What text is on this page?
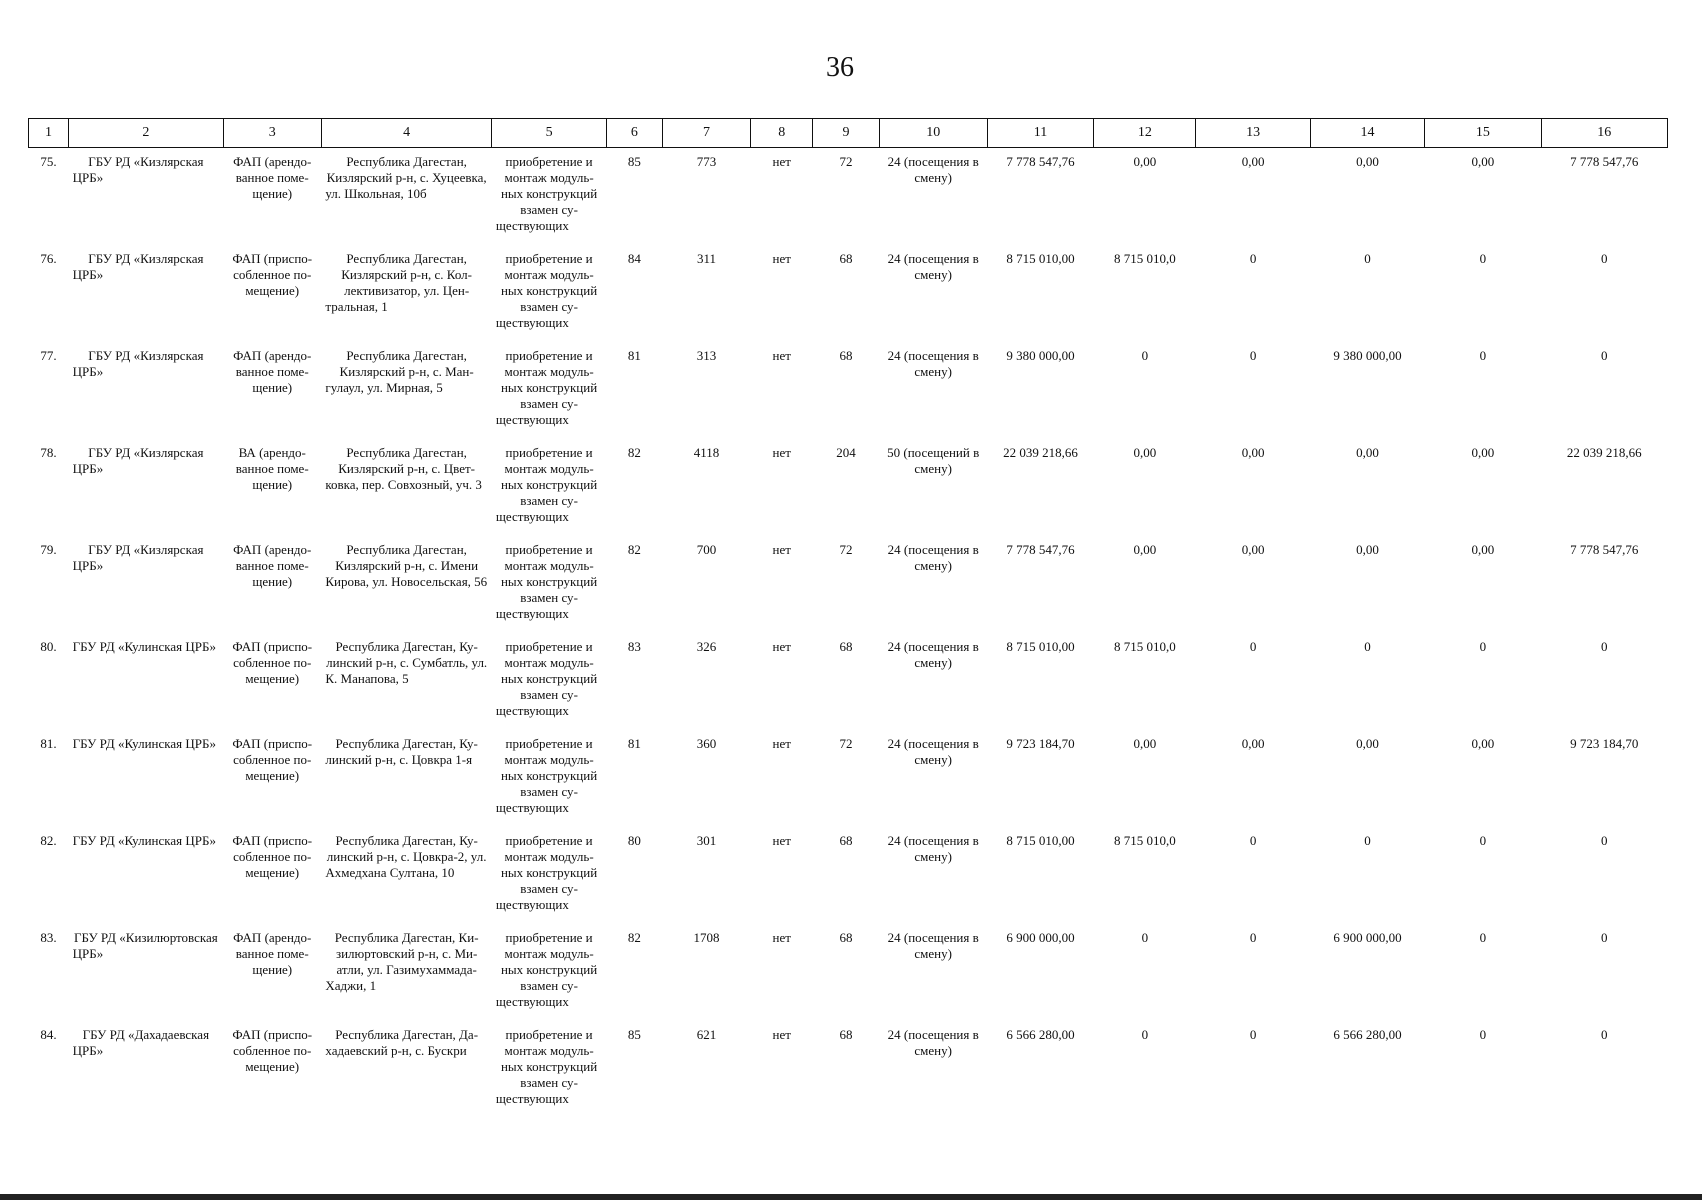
36
1	2	3	4	5	6	7	8	9	10	11	12	13	14	15	16
75.	ГБУ РД «Кизлярская ЦРБ»	ФАП (арендованное помещение)	Республика Дагестан, Кизлярский р-н, с. Хуцеевка, ул. Школьная, 10б	приобретение и монтаж модульных конструкций взамен существующих	85	773	нет	72	24 (посещения в смену)	7 778 547,76	0,00	0,00	0,00	0,00	7 778 547,76
76.	ГБУ РД «Кизлярская ЦРБ»	ФАП (приспособленное помещение)	Республика Дагестан, Кизлярский р-н, с. Коллективизатор, ул. Центральная, 1	приобретение и монтаж модульных конструкций взамен существующих	84	311	нет	68	24 (посещения в смену)	8 715 010,00	8 715 010,0	0	0	0	0
77.	ГБУ РД «Кизлярская ЦРБ»	ФАП (арендованное помещение)	Республика Дагестан, Кизлярский р-н, с. Мангулаул, ул. Мирная, 5	приобретение и монтаж модульных конструкций взамен существующих	81	313	нет	68	24 (посещения в смену)	9 380 000,00	0	0	9 380 000,00	0	0
78.	ГБУ РД «Кизлярская ЦРБ»	ВА (арендованное помещение)	Республика Дагестан, Кизлярский р-н, с. Цветковка, пер. Совхозный, уч. 3	приобретение и монтаж модульных конструкций взамен существующих	82	4118	нет	204	50 (посещений в смену)	22 039 218,66	0,00	0,00	0,00	0,00	22 039 218,66
79.	ГБУ РД «Кизлярская ЦРБ»	ФАП (арендованное помещение)	Республика Дагестан, Кизлярский р-н, с. Имени Кирова, ул. Новосельская, 56	приобретение и монтаж модульных конструкций взамен существующих	82	700	нет	72	24 (посещения в смену)	7 778 547,76	0,00	0,00	0,00	0,00	7 778 547,76
80.	ГБУ РД «Кулинская ЦРБ»	ФАП (приспособленное помещение)	Республика Дагестан, Кулинский р-н, с. Сумбатль, ул. К. Манапова, 5	приобретение и монтаж модульных конструкций взамен существующих	83	326	нет	68	24 (посещения в смену)	8 715 010,00	8 715 010,0	0	0	0	0
81.	ГБУ РД «Кулинская ЦРБ»	ФАП (приспособленное помещение)	Республика Дагестан, Кулинский р-н, с. Цовкра 1-я	приобретение и монтаж модульных конструкций взамен существующих	81	360	нет	72	24 (посещения в смену)	9 723 184,70	0,00	0,00	0,00	0,00	9 723 184,70
82.	ГБУ РД «Кулинская ЦРБ»	ФАП (приспособленное помещение)	Республика Дагестан, Кулинский р-н, с. Цовкра-2, ул. Ахмедхана Султана, 10	приобретение и монтаж модульных конструкций взамен существующих	80	301	нет	68	24 (посещения в смену)	8 715 010,00	8 715 010,0	0	0	0	0
83.	ГБУ РД «Кизилюртовская ЦРБ»	ФАП (арендованное помещение)	Республика Дагестан, Кизилюртовский р-н, с. Миатли, ул. Газимухаммада-Хаджи, 1	приобретение и монтаж модульных конструкций взамен существующих	82	1708	нет	68	24 (посещения в смену)	6 900 000,00	0	0	6 900 000,00	0	0
84.	ГБУ РД «Дахадаевская ЦРБ»	ФАП (приспособленное помещение)	Республика Дагестан, Дахадаевский р-н, с. Бускри	приобретение и монтаж модульных конструкций взамен существующих	85	621	нет	68	24 (посещения в смену)	6 566 280,00	0	0	6 566 280,00	0	0
